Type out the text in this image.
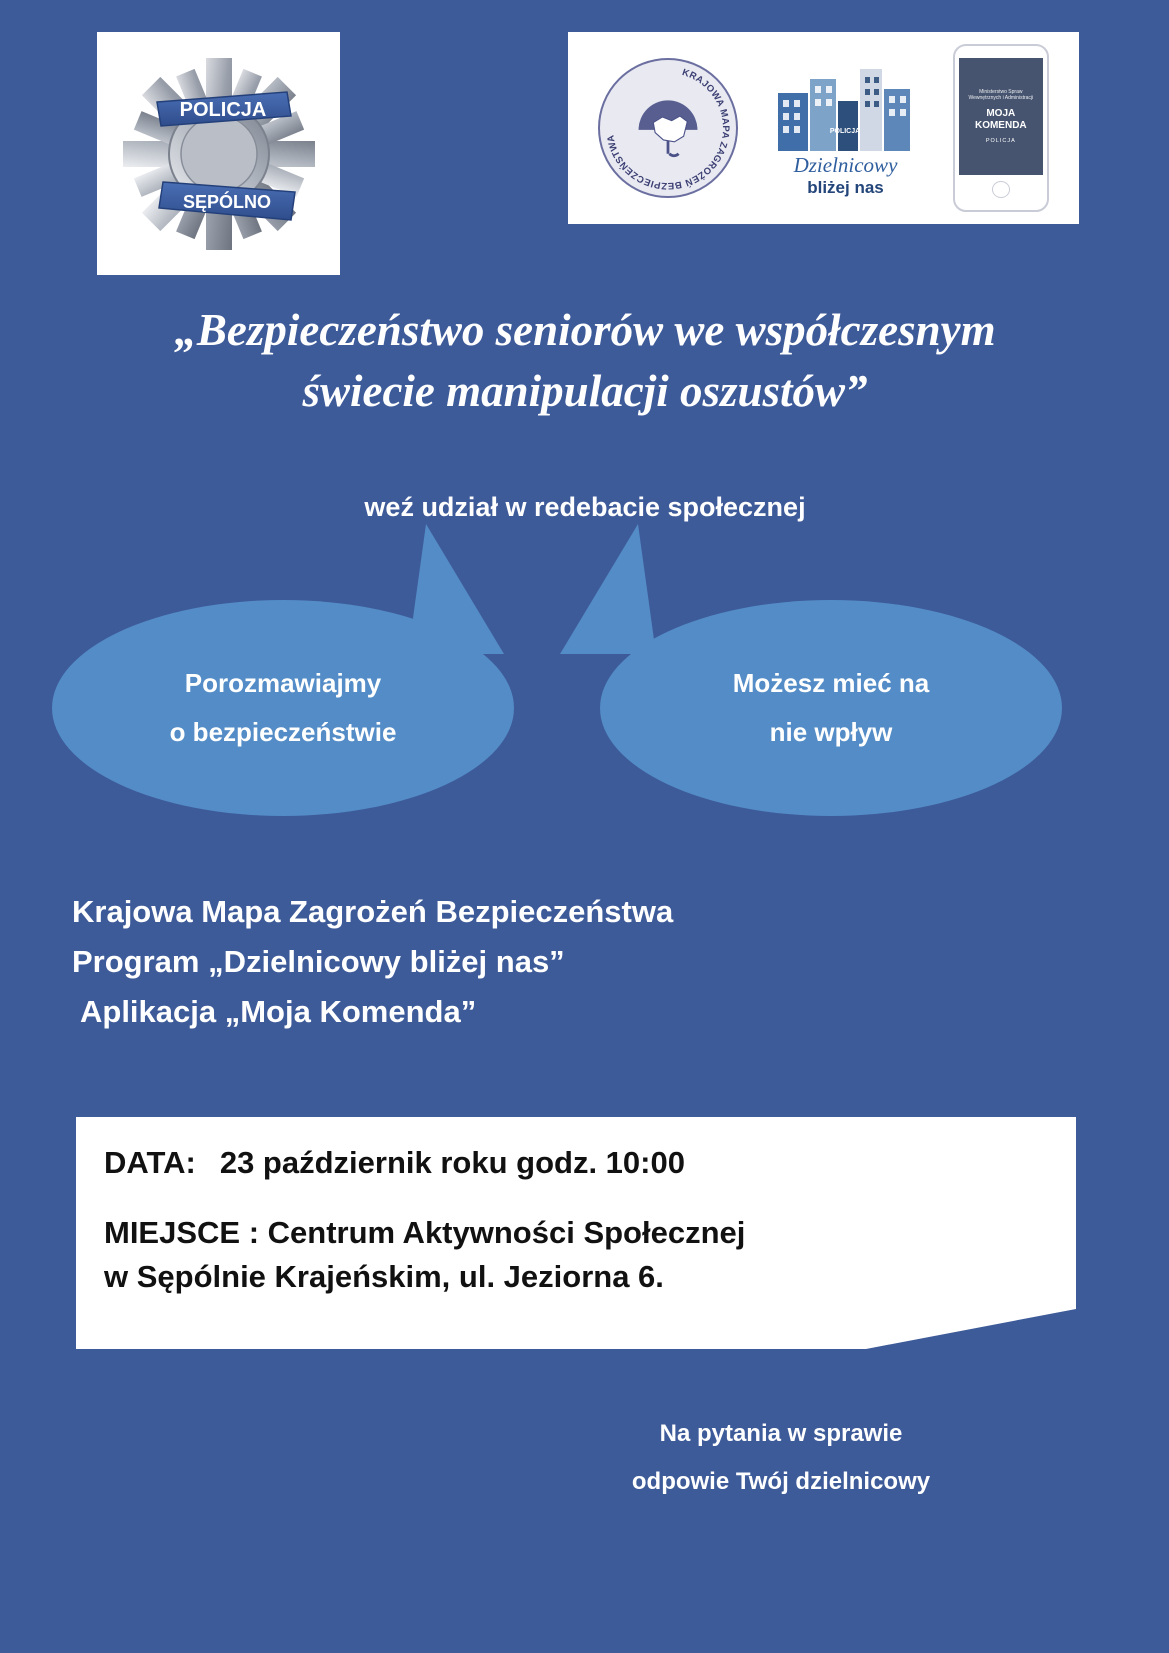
POLICJA
SĘPÓLNO
KRAJOWA MAPA ZAGROŻEŃ BEZPIECZEŃSTWA
POLICJA
Dzielnicowy
bliżej nas
Ministerstwo Spraw Wewnętrznych i Administracji
MOJA
KOMENDA
POLICJA
„Bezpieczeństwo seniorów we współczesnym
świecie manipulacji oszustów”
weź udział w redebacie społecznej
Porozmawiajmy
o bezpieczeństwie
Możesz mieć na
nie wpływ
Krajowa Mapa Zagrożeń Bezpieczeństwa
Program „Dzielnicowy bliżej nas”
Aplikacja „Moja Komenda”
DATA: 23 październik roku godz. 10:00
MIEJSCE : Centrum Aktywności Społecznej
w Sępólnie Krajeńskim, ul. Jeziorna 6.
Na pytania w sprawie
odpowie Twój dzielnicowy
